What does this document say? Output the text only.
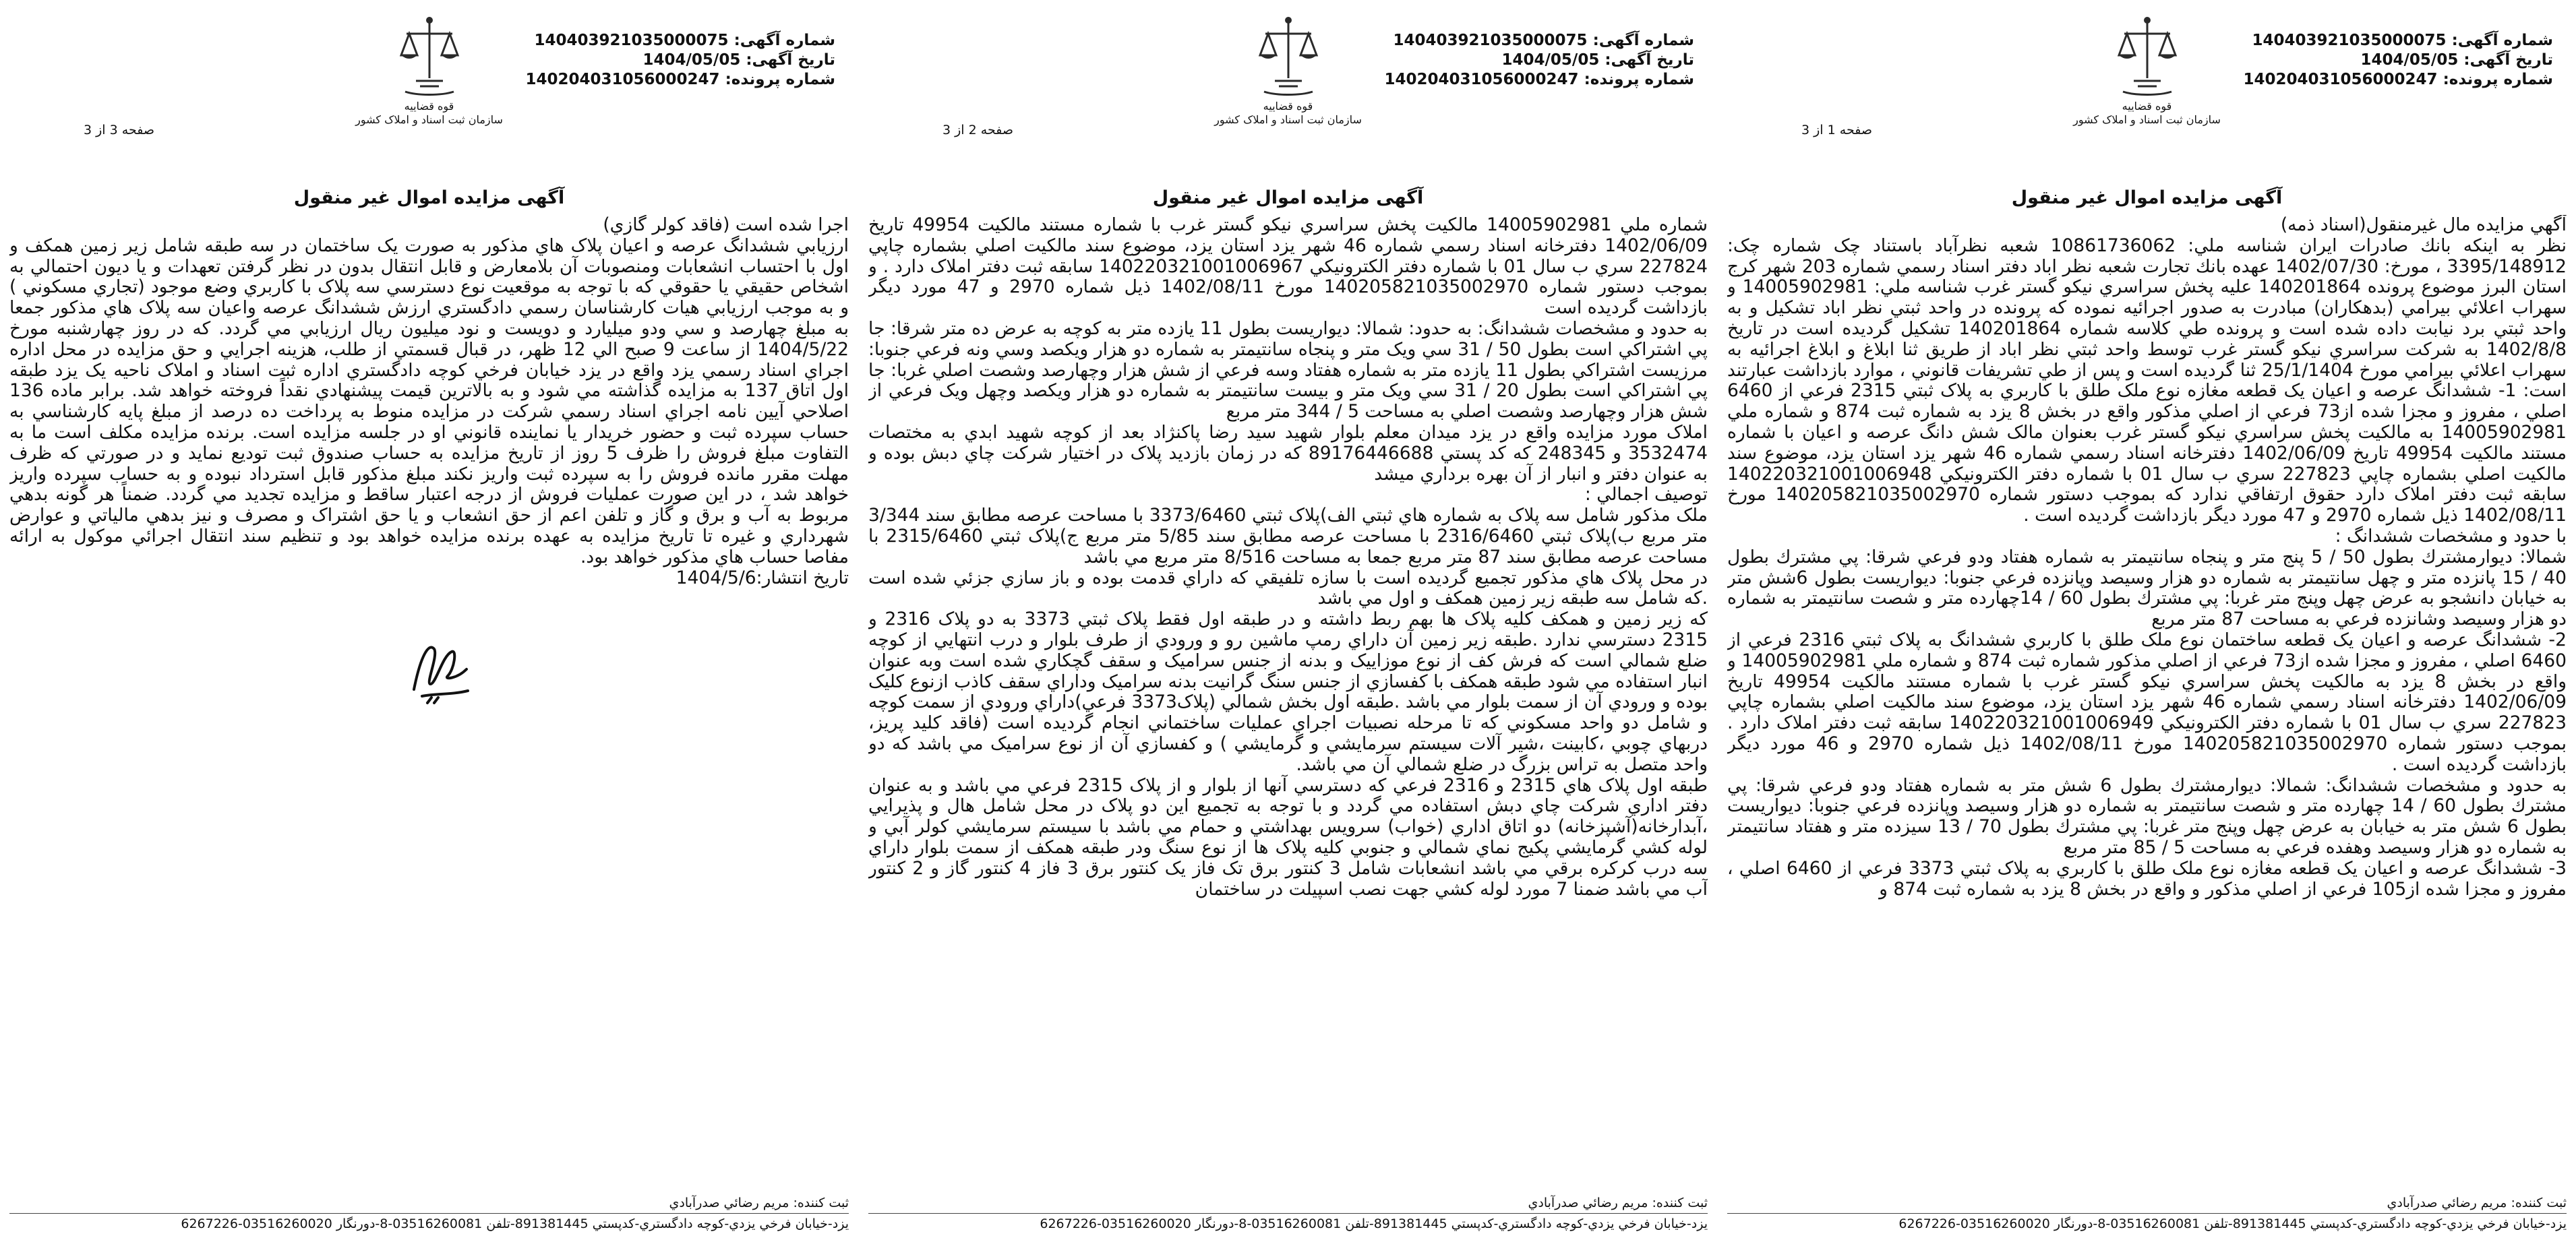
شماره آگهی: 140403921035000075
تاریخ آگهی: 1404/05/05
شماره پرونده: 140204031056000247
قوه قضاییه
سازمان ثبت اسناد و املاک کشور
صفحه 3 از 3
آگهی مزایده اموال غیر منقول

اجرا شده است (فاقد كولر گازي)
ارزيابي ششدانگ عرصه و اعيان پلاک هاي مذکور به صورت يک ساختمان در سه طبقه شامل زير زمين همكف و اول با احتساب انشعابات ومنصوبات آن بلامعارض و قابل انتقال بدون در نظر گرفتن تعهدات و يا ديون احتمالي به اشخاص حقيقي يا حقوقي كه با توجه به موقعيت نوع دسترسي سه پلاک با كاربري وضع موجود (تجاري مسكوني ) و به موجب ارزيابي هيات كارشناسان رسمي دادگستري ارزش ششدانگ عرصه واعيان سه پلاک هاي مذكور جمعا به مبلغ چهارصد و سي ودو ميليارد و دويست و نود ميليون ريال ارزيابي مي گردد. كه در روز چهارشنبه مورخ 1404/5/22 از ساعت 9 صبح الي 12 ظهر، در قبال قسمتي از طلب، هزينه اجرايي و حق مزايده در محل اداره اجراي اسناد رسمي يزد واقع در يزد خيابان فرخي كوچه دادگستري اداره ثبت اسناد و املاک ناحيه يک يزد طبقه اول اتاق 137 به مزايده گذاشته مي شود و به بالاترين قيمت پيشنهادي نقداً فروخته خواهد شد. برابر ماده 136 اصلاحي آيين نامه اجراي اسناد رسمي شركت در مزايده منوط به پرداخت ده درصد از مبلغ پايه كارشناسي به حساب سپرده ثبت و حضور خريدار يا نماينده قانوني او در جلسه مزايده است. برنده مزايده مكلف است ما به التفاوت مبلغ فروش را ظرف 5 روز از تاريخ مزايده به حساب صندوق ثبت توديع نمايد و در صورتي كه ظرف مهلت مقرر مانده فروش را به سپرده ثبت واريز نكند مبلغ مذكور قابل استرداد نبوده و به حساب سپرده واريز خواهد شد ، در اين صورت عمليات فروش از درجه اعتبار ساقط و مزايده تجديد مي گردد. ضمناً هر گونه بدهي مربوط به آب و برق و گاز و تلفن اعم از حق انشعاب و يا حق اشتراک و مصرف و نيز بدهي مالياتي و عوارض شهرداري و غيره تا تاريخ مزايده به عهده برنده مزايده خواهد بود و تنظيم سند انتقال اجرائي موكول به ارائه مفاصا حساب هاي مذکور خواهد بود.
تاريخ انتشار:1404/5/6

ثبت کننده: مريم رضائي صدرآبادي
يزد-خيابان فرخي يزدي-کوچه دادگستري-کدپستي 891381445-تلفن 03516260081-8-دورنگار 03516260020-6267226
شماره آگهی: 140403921035000075
تاریخ آگهی: 1404/05/05
شماره پرونده: 140204031056000247
قوه قضاییه
سازمان ثبت اسناد و املاک کشور
صفحه 2 از 3
آگهی مزایده اموال غیر منقول

شماره ملي 14005902981 مالکيت پخش سراسري نيکو گستر غرب با شماره مستند مالكيت 49954 تاريخ 1402/06/09 دفترخانه اسناد رسمي شماره 46 شهر يزد استان يزد، موضوع سند مالكيت اصلي بشماره چاپي 227824 سري ب سال 01 با شماره دفتر الكترونيكي 140220321001006967 سابقه ثبت دفتر املاک دارد . و بموجب دستور شماره 140205821035002970 مورخ 1402/08/11 ذيل شماره 2970 و 47 مورد ديگر بازداشت گرديده است
به حدود و مشخصات ششدانگ: به حدود: شمالا: ديواريست بطول 11 يازده متر به كوچه به عرض ده متر شرقا: جا پي اشتراكي است بطول 50 / 31 سي ويک متر و پنجاه سانتيمتر به شماره دو هزار ويکصد وسي ونه فرعي جنوبا: مرزيست اشتراكي بطول 11 يازده متر به شماره هفتاد وسه فرعي از شش هزار وچهارصد وشصت اصلي غربا: جا پي اشتراكي است بطول 20 / 31 سي ويک متر و بيست سانتيمتر به شماره دو هزار ويکصد وچهل ويک فرعي از شش هزار وچهارصد وشصت اصلي به مساحت 5 / 344 متر مربع
املاک مورد مزايده واقع در يزد ميدان معلم بلوار شهيد سيد رضا پاكنژاد بعد از كوچه شهيد ابدي به مختصات 3532474 و 248345 كه كد پستي 89176446688 كه در زمان بازديد پلاک در اختيار شركت چاي دبش بوده و به عنوان دفتر و انبار از آن بهره برداري ميشد
توصيف اجمالي :
ملک مذکور شامل سه پلاک به شماره هاي ثبتي الف)پلاک ثبتي 3373/6460 با مساحت عرصه مطابق سند 3/344 متر مربع ب)پلاک ثبتي 2316/6460 با مساحت عرصه مطابق سند 5/85 متر مربع ج)پلاک ثبتي 2315/6460 با مساحت عرصه مطابق سند 87 متر مربع جمعا به مساحت 8/516 متر مربع مي باشد
در محل پلاک هاي مذکور تجميع گرديده است با سازه تلفيقي كه داراي قدمت بوده و باز سازي جزئي شده است .كه شامل سه طبقه زير زمين همكف و اول مي باشد
كه زير زمين و همكف كليه پلاک ها بهم ربط داشته و در طبقه اول فقط پلاک ثبتي 3373 به دو پلاک 2316 و 2315 دسترسي ندارد .طبقه زير زمين آن داراي رمپ ماشين رو و ورودي از طرف بلوار و درب انتهايي از كوچه ضلع شمالي است كه فرش كف از نوع موزاييک و بدنه از جنس سراميک و سقف گچكاري شده است وبه عنوان انبار استفاده مي شود طبقه همكف با كفسازي از جنس سنگ گرانيت بدنه سراميک وداراي سقف كاذب ازنوع كليک بوده و ورودي آن از سمت بلوار مي باشد .طبقه اول بخش شمالي (پلاک3373 فرعي)داراي ورودي از سمت كوچه و شامل دو واحد مسكوني كه تا مرحله نصبيات اجراي عمليات ساختماني انجام گرديده است (فاقد كليد پريز، دربهاي چوبي ،كابينت ،شير آلات سيستم سرمايشي و گرمايشي ) و كفسازي آن از نوع سراميک مي باشد كه دو واحد متصل به تراس بزرگ در ضلع شمالي آن مي باشد.
طبقه اول پلاک هاي 2315 و 2316 فرعي كه دسترسي آنها از بلوار و از پلاک 2315 فرعي مي باشد و به عنوان دفتر اداري شركت چاي دبش استفاده مي گردد و با توجه به تجميع اين دو پلاک در محل شامل هال و پذيرايي ،آبدارخانه(آشپزخانه) دو اتاق اداري (خواب) سرويس بهداشتي و حمام مي باشد با سيستم سرمايشي كولر آبي و لوله كشي گرمايشي پكيج نماي شمالي و جنوبي كليه پلاک ها از نوع سنگ ودر طبقه همكف از سمت بلوار داراي سه درب كركره برقي مي باشد انشعابات شامل 3 كنتور برق تک فاز يک كنتور برق 3 فاز 4 كنتور گاز و 2 كنتور آب مي باشد ضمنا 7 مورد لوله كشي جهت نصب اسپيلت در ساختمان

ثبت کننده: مريم رضائي صدرآبادي
يزد-خيابان فرخي يزدي-کوچه دادگستري-کدپستي 891381445-تلفن 03516260081-8-دورنگار 03516260020-6267226
شماره آگهی: 140403921035000075
تاریخ آگهی: 1404/05/05
شماره پرونده: 140204031056000247
قوه قضاییه
سازمان ثبت اسناد و املاک کشور
صفحه 1 از 3
آگهی مزایده اموال غیر منقول

آگهي مزايده مال غيرمنقول(اسناد ذمه)
نظر به اينكه بانك صادرات ايران شناسه ملي: 10861736062 شعبه نظرآباد باستناد چک شماره چک: 3395/148912 ، مورخ: 1402/07/30 عهده بانك تجارت شعبه نظر اباد دفتر اسناد رسمي شماره 203 شهر کرج استان البرز موضوع پرونده 140201864 عليه پخش سراسري نيكو گستر غرب شناسه ملي: 14005902981 و سهراب اعلائي بيرامي (بدهكاران) مبادرت به صدور اجرائيه نموده كه پرونده در واحد ثبتي نظر اباد تشکيل و به واحد ثبتي برد نيابت داده شده است و پرونده طي كلاسه شماره 140201864 تشكيل گرديده است در تاريخ 1402/8/8 به شرکت سراسري نيکو گستر غرب توسط واحد ثبتي نظر اباد از طريق ثنا ابلاغ و ابلاغ اجرائيه به سهراب اعلائي بيرامي مورخ 25/1/1404 ثنا گرديده است و پس از طي تشريفات قانوني ، موارد بازداشت عبارتند است: 1- ششدانگ عرصه و اعيان يک قطعه مغازه نوع ملک طلق با کاربري به پلاک ثبتي 2315 فرعي از 6460 اصلي ، مفروز و مجزا شده از73 فرعي از اصلي مذکور واقع در بخش 8 يزد به شماره ثبت 874 و شماره ملي 14005902981 به مالکيت پخش سراسري نيکو گستر غرب بعنوان مالک شش دانگ عرصه و اعيان با شماره مستند مالكيت 49954 تاريخ 1402/06/09 دفترخانه اسناد رسمي شماره 46 شهر يزد استان يزد، موضوع سند مالكيت اصلي بشماره چاپي 227823 سري ب سال 01 با شماره دفتر الكترونيكي 140220321001006948 سابقه ثبت دفتر املاک دارد حقوق ارتفاقي ندارد که بموجب دستور شماره 140205821035002970 مورخ 1402/08/11 ذيل شماره 2970 و 47 مورد ديگر بازداشت گرديده است .
با حدود و مشخصات ششدانگ :
شمالا: ديوارمشترك بطول 50 / 5 پنج متر و پنجاه سانتيمتر به شماره هفتاد ودو فرعي شرقا: پي مشترك بطول 40 / 15 پانزده متر و چهل سانتيمتر به شماره دو هزار وسيصد وپانزده فرعي جنوبا: ديواريست بطول 6شش متر به خيابان دانشجو به عرض چهل وپنج متر غربا: پي مشترك بطول 60 / 14چهارده متر و شصت سانتيمتر به شماره دو هزار وسيصد وشانزده فرعي به مساحت 87 متر مربع
2- ششدانگ عرصه و اعيان يک قطعه ساختمان نوع ملک طلق با کاربري ششدانگ به پلاک ثبتي 2316 فرعي از 6460 اصلي ، مفروز و مجزا شده از73 فرعي از اصلي مذکور شماره ثبت 874 و شماره ملي 14005902981 و واقع در بخش 8 يزد به مالکيت پخش سراسري نيکو گستر غرب با شماره مستند مالكيت 49954 تاريخ 1402/06/09 دفترخانه اسناد رسمي شماره 46 شهر يزد استان يزد، موضوع سند مالكيت اصلي بشماره چاپي 227823 سري ب سال 01 با شماره دفتر الكترونيكي 140220321001006949 سابقه ثبت دفتر املاک دارد . بموجب دستور شماره 140205821035002970 مورخ 1402/08/11 ذيل شماره 2970 و 46 مورد ديگر بازداشت گرديده است .
به حدود و مشخصات ششدانگ: شمالا: ديوارمشترك بطول 6 شش متر به شماره هفتاد ودو فرعي شرقا: پي مشترك بطول 60 / 14 چهارده متر و شصت سانتيمتر به شماره دو هزار وسيصد وپانزده فرعي جنوبا: ديواريست بطول 6 شش متر به خيابان به عرض چهل وپنج متر غربا: پي مشترك بطول 70 / 13 سيزده متر و هفتاد سانتيمتر به شماره دو هزار وسيصد وهفده فرعي به مساحت 5 / 85 متر مربع
3- ششدانگ عرصه و اعيان يک قطعه مغازه نوع ملک طلق با کاربري به پلاک ثبتي 3373 فرعي از 6460 اصلي ، مفروز و مجزا شده از105 فرعي از اصلي مذکور و واقع در بخش 8 يزد به شماره ثبت 874 و

ثبت کننده: مريم رضائي صدرآبادي
يزد-خيابان فرخي يزدي-کوچه دادگستري-کدپستي 891381445-تلفن 03516260081-8-دورنگار 03516260020-6267226
